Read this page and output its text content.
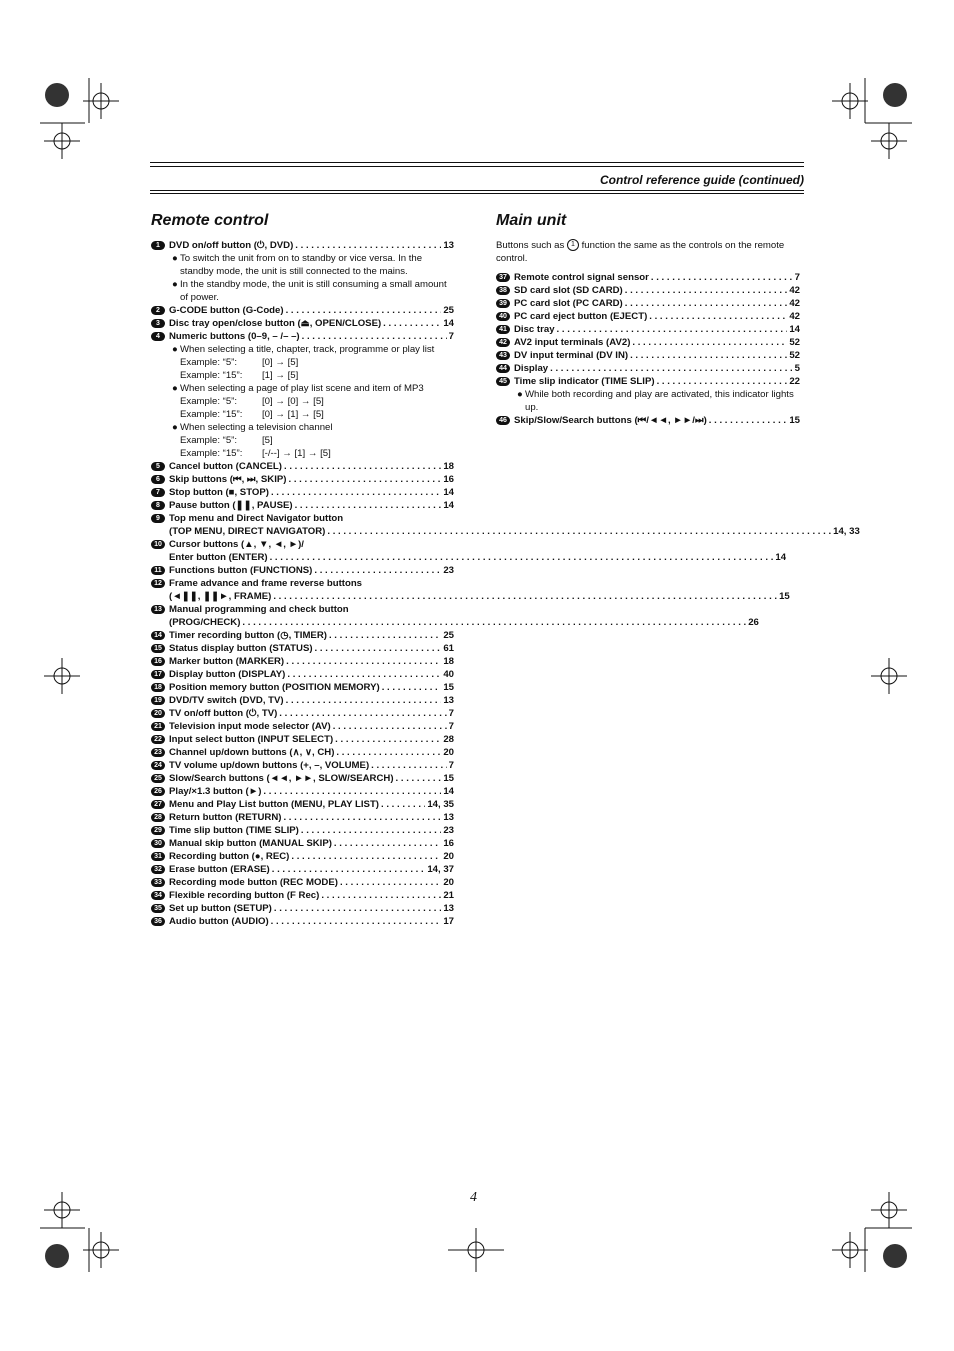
Control reference guide (continued)
Remote control
1 DVD on/off button (⏻, DVD) . . .	13
● To switch the unit from on to standby or vice versa. In the standby mode, the unit is still connected to the mains.
● In the standby mode, the unit is still consuming a small amount of power.
2 G-CODE button (G-Code) . . .	25
3 Disc tray open/close button (⏏, OPEN/CLOSE) . . .	14
4 Numeric buttons (0–9, – /– –) . . .	7
● When selecting a title, chapter, track, programme or play list
Example: “5”:	[0] → [5]
Example: “15”:	[1] → [5]
● When selecting a page of play list scene and item of MP3
Example: “5”:	[0] → [0] → [5]
Example: “15”:	[0] → [1] → [5]
● When selecting a television channel
Example: “5”:	[5]
Example: “15”:	[-/--] → [1] → [5]
5 Cancel button (CANCEL) . . .	18
6 Skip buttons (⏮, ⏭, SKIP) . . .	16
7 Stop button (■, STOP) . . .	14
8 Pause button (❚❚, PAUSE) . . .	14
9 Top menu and Direct Navigator button
(TOP MENU, DIRECT NAVIGATOR) . . .	14, 33
10 Cursor buttons (▲, ▼, ◄, ►)/
Enter button (ENTER) . . .	14
11 Functions button (FUNCTIONS) . . .	23
12 Frame advance and frame reverse buttons
(◄❚❚, ❚❚►, FRAME) . . .	15
13 Manual programming and check button
(PROG/CHECK) . . .	26
14 Timer recording button (◷, TIMER) . . .	25
15 Status display button (STATUS) . . .	61
16 Marker button (MARKER) . . .	18
17 Display button (DISPLAY) . . .	40
18 Position memory button (POSITION MEMORY) . . .	15
19 DVD/TV switch (DVD, TV) . . .	13
20 TV on/off button (⏻, TV) . . .	7
21 Television input mode selector (AV) . . .	7
22 Input select button (INPUT SELECT) . . .	28
23 Channel up/down buttons (∧, ∨, CH) . . .	20
24 TV volume up/down buttons (+, –, VOLUME) . . .	7
25 Slow/Search buttons (◄◄, ►►, SLOW/SEARCH) . . .	15
26 Play/×1.3 button (►) . . .	14
27 Menu and Play List button (MENU, PLAY LIST) . . .	14, 35
28 Return button (RETURN) . . .	13
29 Time slip button (TIME SLIP) . . .	23
30 Manual skip button (MANUAL SKIP) . . .	16
31 Recording button (●, REC) . . .	20
32 Erase button (ERASE) . . .	14, 37
33 Recording mode button (REC MODE) . . .	20
34 Flexible recording button (F Rec) . . .	21
35 Set up button (SETUP) . . .	13
36 Audio button (AUDIO) . . .	17
Main unit
Buttons such as 1 function the same as the controls on the remote control.
37 Remote control signal sensor . . .	7
38 SD card slot (SD CARD) . . .	42
39 PC card slot (PC CARD) . . .	42
40 PC card eject button (EJECT) . . .	42
41 Disc tray . . .	14
42 AV2 input terminals (AV2) . . .	52
43 DV input terminal (DV IN) . . .	52
44 Display . . .	5
45 Time slip indicator (TIME SLIP) . . .	22
● While both recording and play are activated, this indicator lights up.
46 Skip/Slow/Search buttons (⏮/◄◄, ►►/⏭) . . .	15
4
